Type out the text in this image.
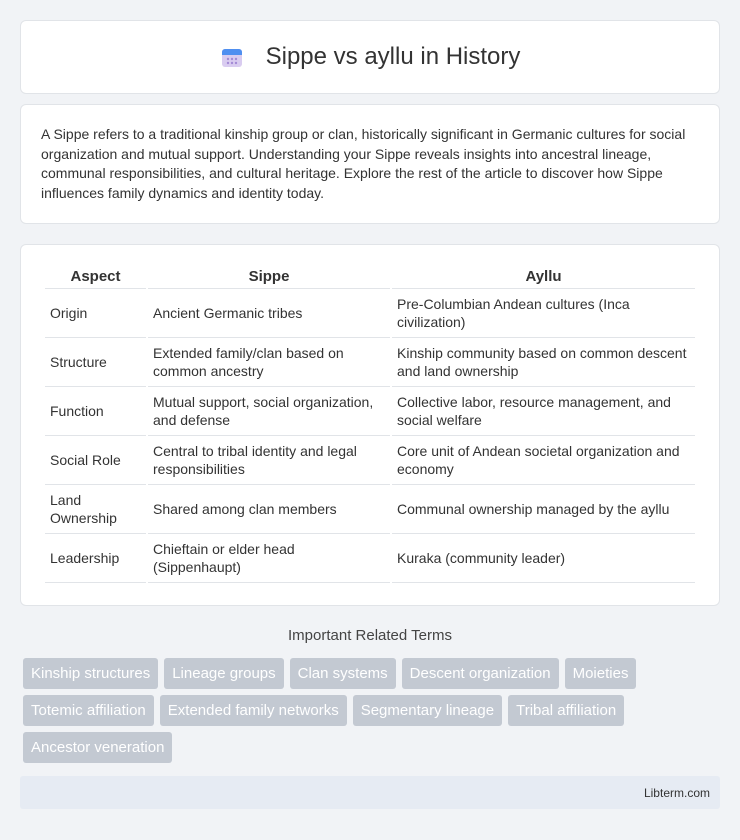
Sippe vs ayllu in History

A Sippe refers to a traditional kinship group or clan, historically significant in Germanic cultures for social organization and mutual support. Understanding your Sippe reveals insights into ancestral lineage, communal responsibilities, and cultural heritage. Explore the rest of the article to discover how Sippe influences family dynamics and identity today.

Aspect	Sippe	Ayllu
Origin	Ancient Germanic tribes	Pre-Columbian Andean cultures (Inca civilization)
Structure	Extended family/clan based on common ancestry	Kinship community based on common descent and land ownership
Function	Mutual support, social organization, and defense	Collective labor, resource management, and social welfare
Social Role	Central to tribal identity and legal responsibilities	Core unit of Andean societal organization and economy
Land Ownership	Shared among clan members	Communal ownership managed by the ayllu
Leadership	Chieftain or elder head (Sippenhaupt)	Kuraka (community leader)
Important Related Terms
Kinship structures	Lineage groups	Clan systems	Descent organization	Moieties
Totemic affiliation	Extended family networks	Segmentary lineage	Tribal affiliation
Ancestor veneration
Libterm.com
